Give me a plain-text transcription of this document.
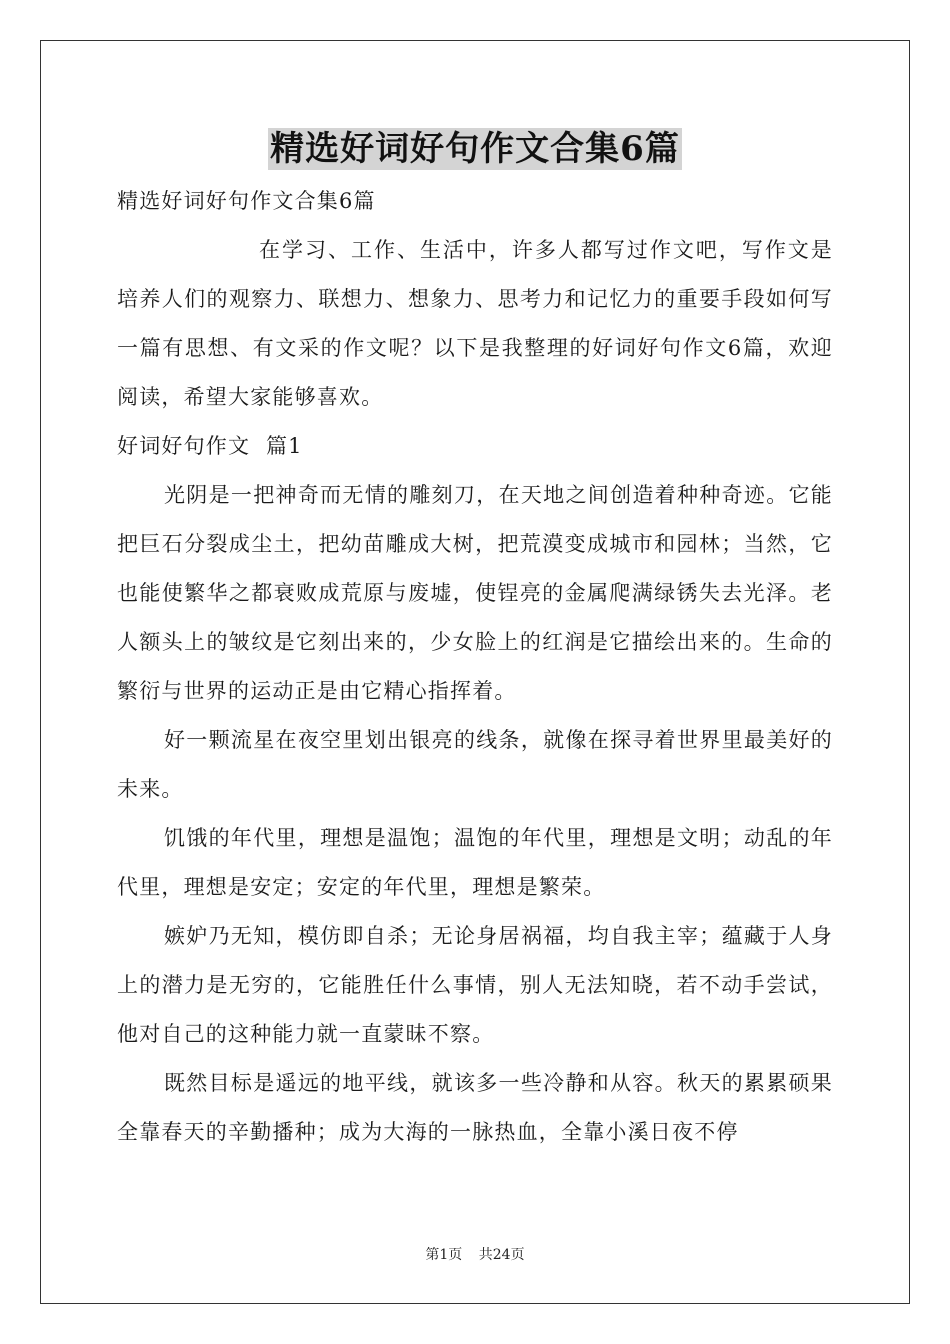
精选好词好句作文合集6篇

精选好词好句作文合集6篇

在学习、工作、生活中，许多人都写过作文吧，写作文是培养人们的观察力、联想力、想象力、思考力和记忆力的重要手段如何写一篇有思想、有文采的作文呢？以下是我整理的好词好句作文6篇，欢迎阅读，希望大家能够喜欢。

好词好句作文  篇1

光阴是一把神奇而无情的雕刻刀，在天地之间创造着种种奇迹。它能把巨石分裂成尘土，把幼苗雕成大树，把荒漠变成城市和园林；当然，它也能使繁华之都衰败成荒原与废墟，使锃亮的金属爬满绿锈失去光泽。老人额头上的皱纹是它刻出来的，少女脸上的红润是它描绘出来的。生命的繁衍与世界的运动正是由它精心指挥着。

好一颗流星在夜空里划出银亮的线条，就像在探寻着世界里最美好的未来。

饥饿的年代里，理想是温饱；温饱的年代里，理想是文明；动乱的年代里，理想是安定；安定的年代里，理想是繁荣。

嫉妒乃无知，模仿即自杀；无论身居祸福，均自我主宰；蕴藏于人身上的潜力是无穷的，它能胜任什么事情，别人无法知晓，若不动手尝试，他对自己的这种能力就一直蒙昧不察。

既然目标是遥远的地平线，就该多一些冷静和从容。秋天的累累硕果全靠春天的辛勤播种；成为大海的一脉热血，全靠小溪日夜不停

第1页 共24页
